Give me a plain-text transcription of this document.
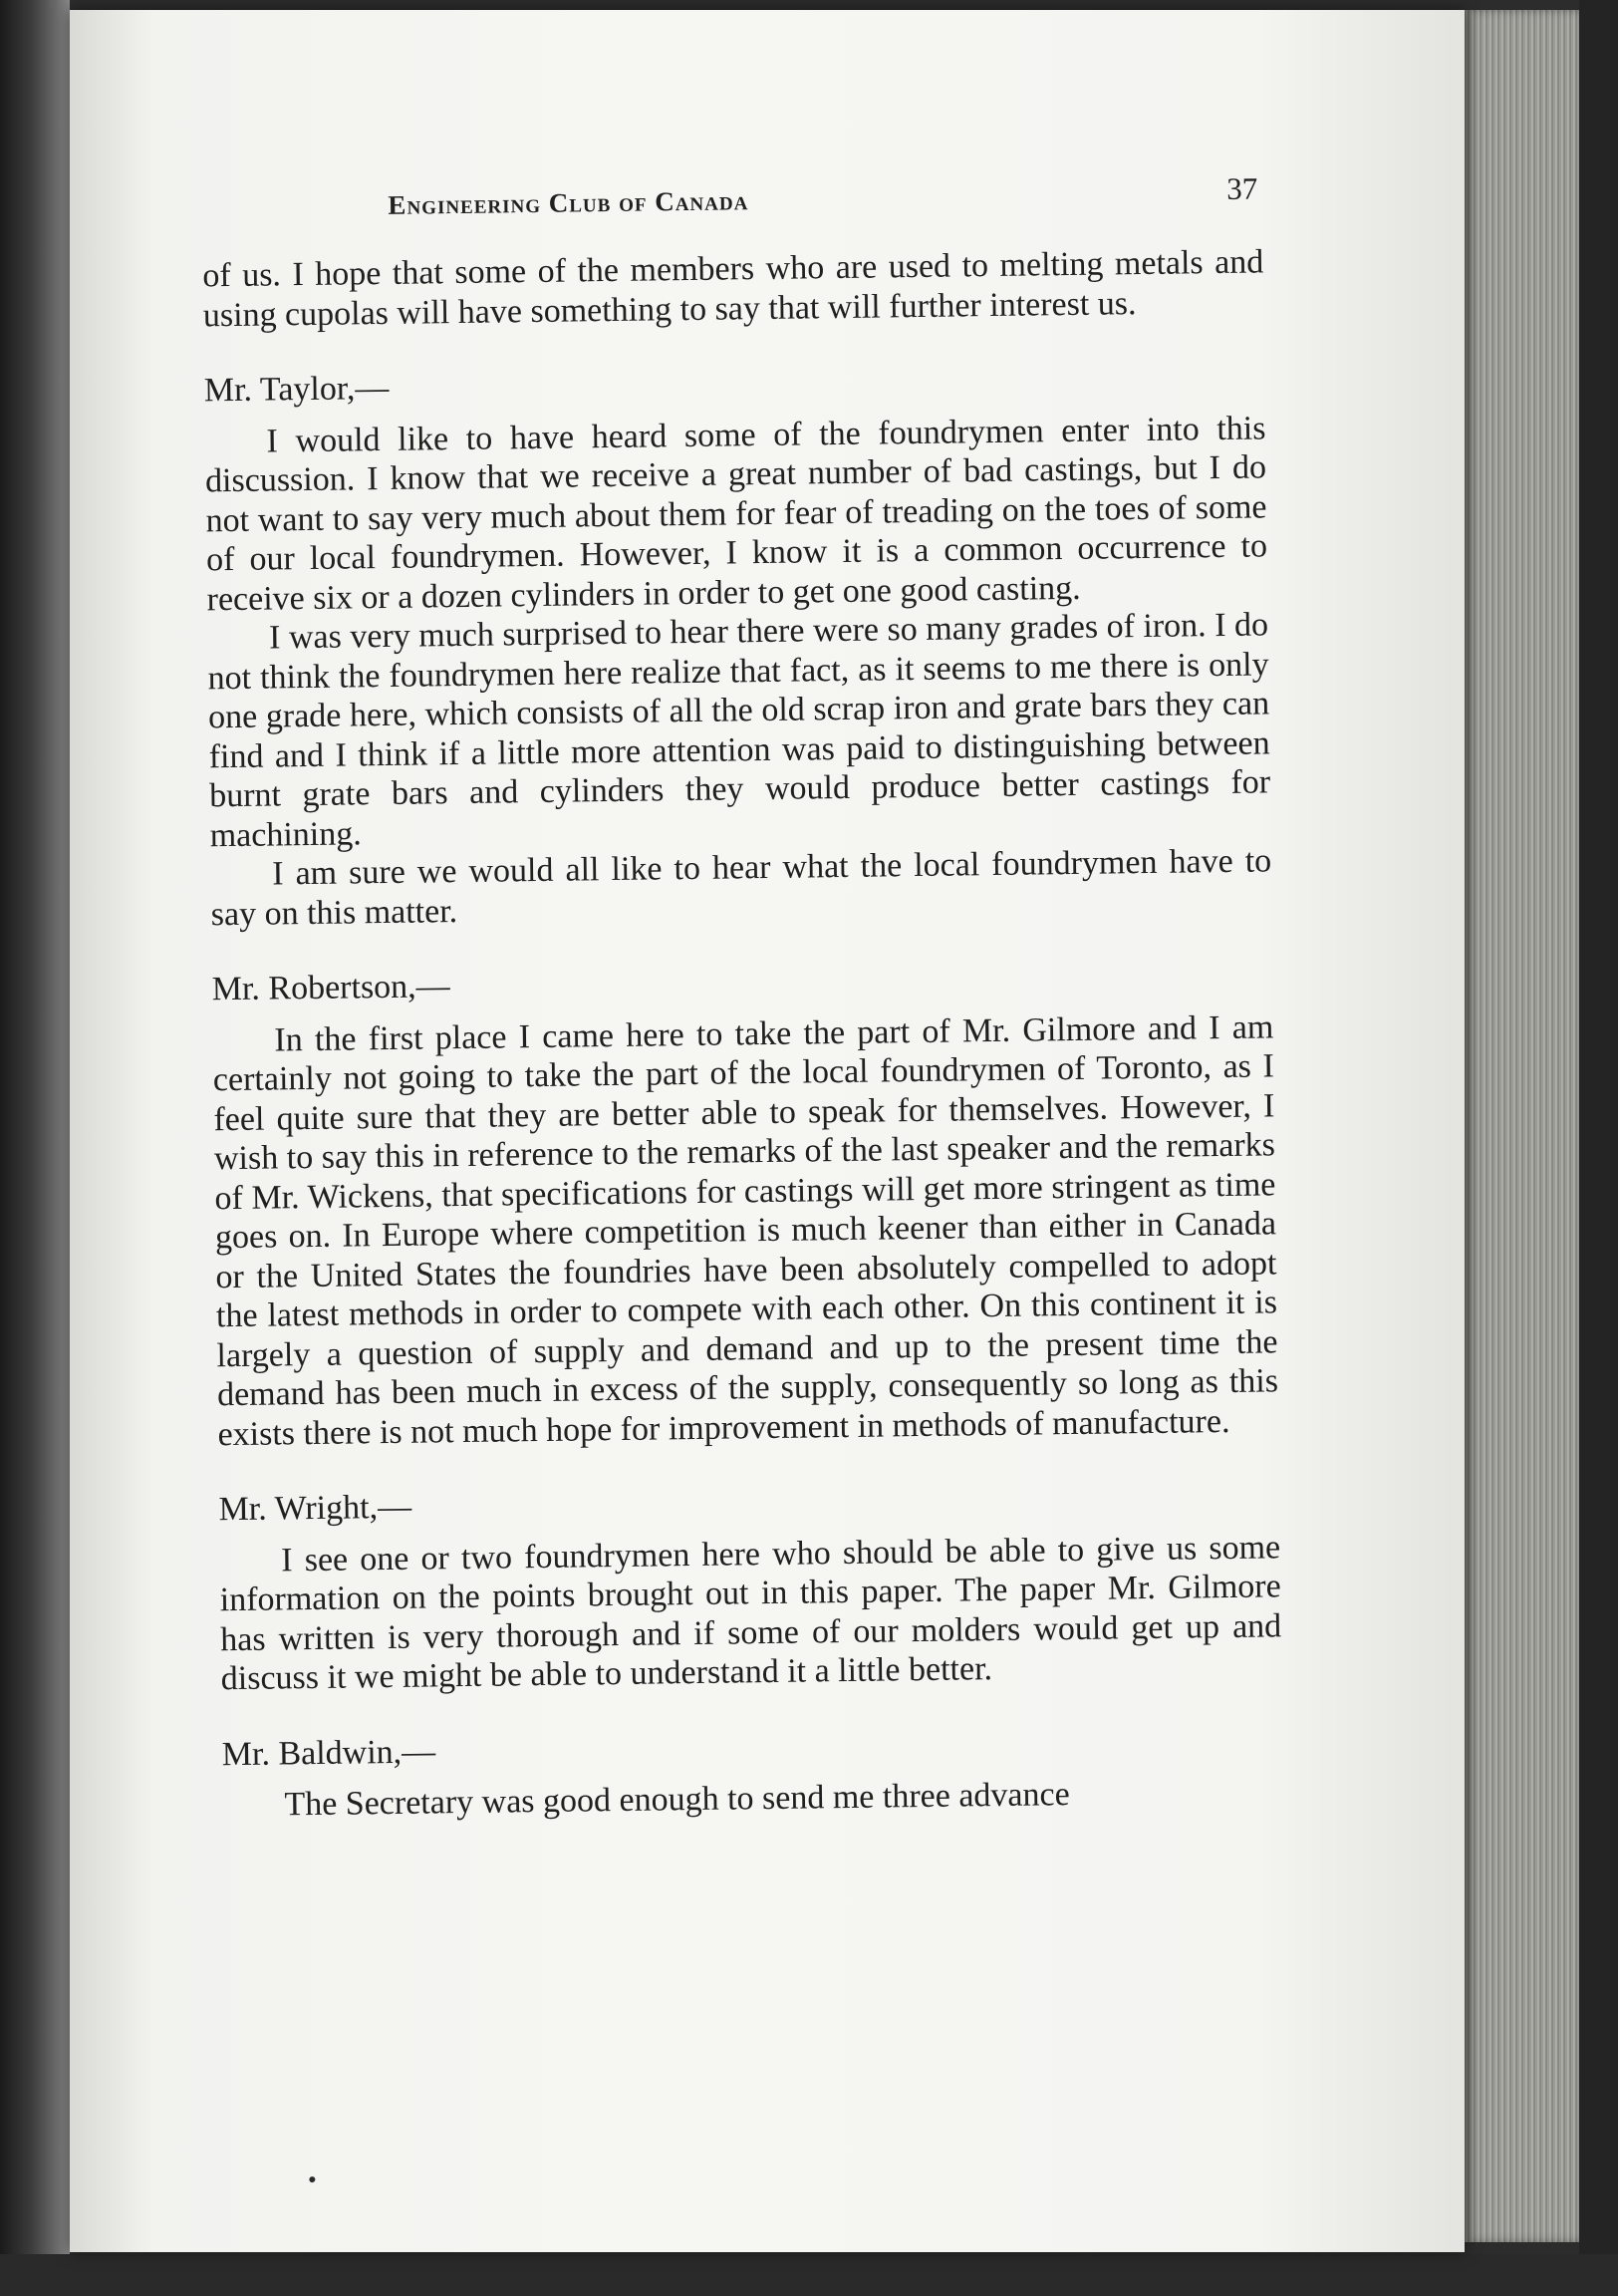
Engineering Club of Canada	37

of us. I hope that some of the members who are used to melting metals and using cupolas will have something to say that will further interest us.

Mr. Taylor,—

I would like to have heard some of the foundrymen enter into this discussion. I know that we receive a great number of bad castings, but I do not want to say very much about them for fear of treading on the toes of some of our local foundrymen. However, I know it is a common occurrence to receive six or a dozen cylinders in order to get one good casting.

I was very much surprised to hear there were so many grades of iron. I do not think the foundrymen here realize that fact, as it seems to me there is only one grade here, which consists of all the old scrap iron and grate bars they can find and I think if a little more attention was paid to distinguishing between burnt grate bars and cylinders they would produce better castings for machining.

I am sure we would all like to hear what the local foundrymen have to say on this matter.

Mr. Robertson,—

In the first place I came here to take the part of Mr. Gilmore and I am certainly not going to take the part of the local foundrymen of Toronto, as I feel quite sure that they are better able to speak for themselves. However, I wish to say this in reference to the remarks of the last speaker and the remarks of Mr. Wickens, that specifications for castings will get more stringent as time goes on. In Europe where competition is much keener than either in Canada or the United States the foundries have been absolutely compelled to adopt the latest methods in order to compete with each other. On this continent it is largely a question of supply and demand and up to the present time the demand has been much in excess of the supply, consequently so long as this exists there is not much hope for improvement in methods of manufacture.

Mr. Wright,—

I see one or two foundrymen here who should be able to give us some information on the points brought out in this paper. The paper Mr. Gilmore has written is very thorough and if some of our molders would get up and discuss it we might be able to understand it a little better.

Mr. Baldwin,—

The Secretary was good enough to send me three advance
